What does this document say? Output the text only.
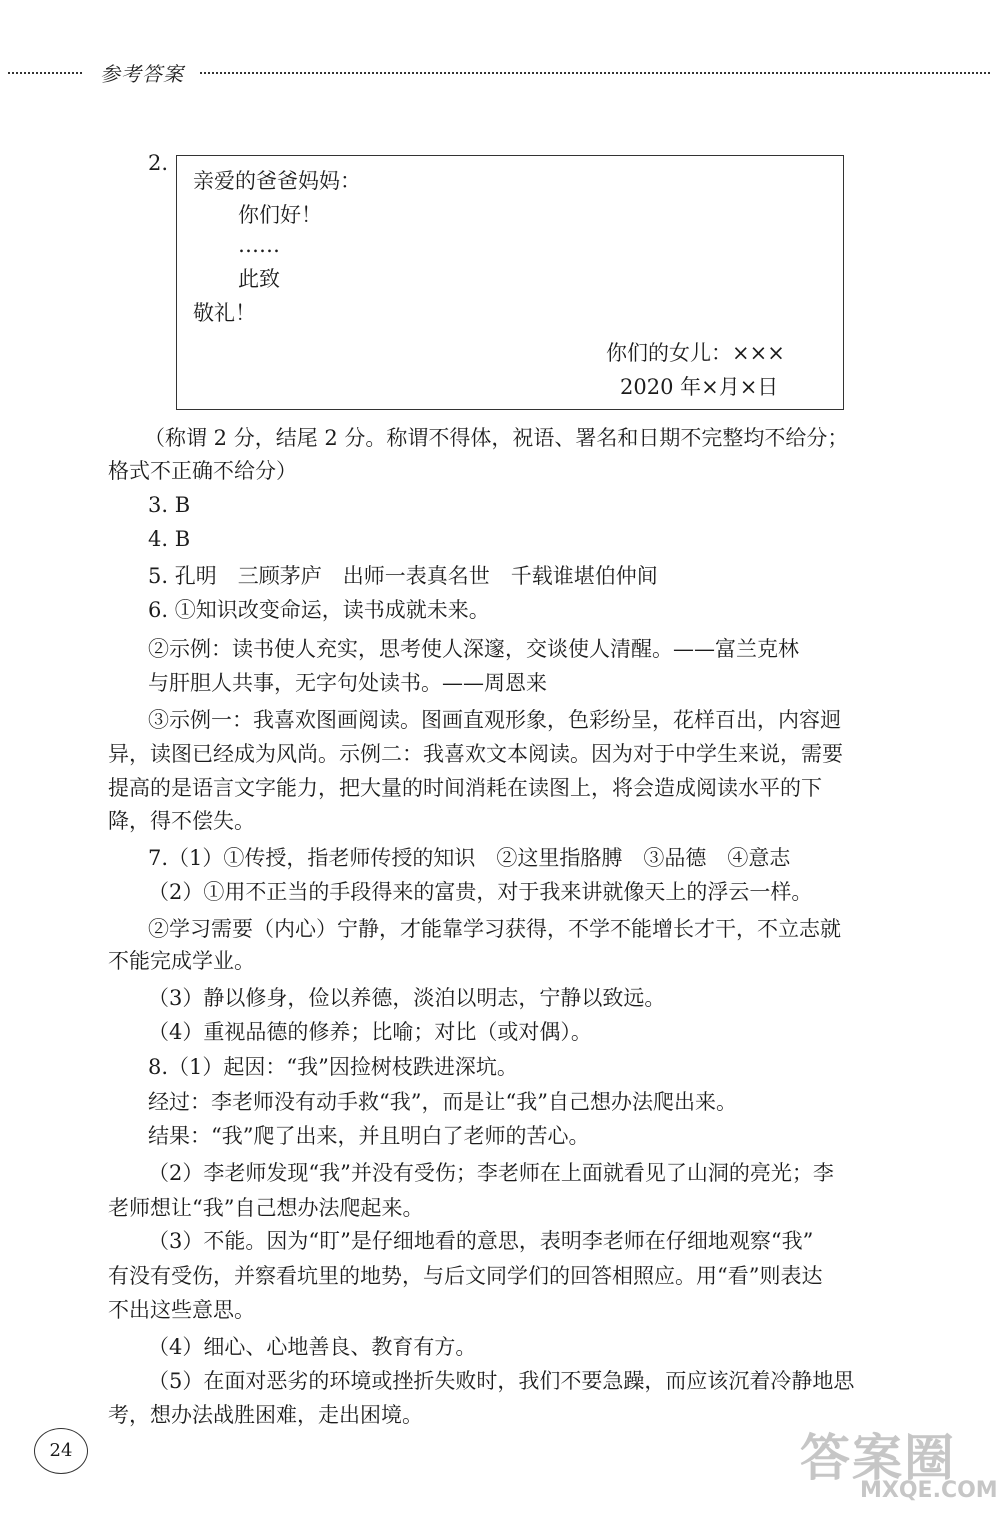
参考答案
2.
亲爱的爸爸妈妈：
你们好！
……
此致
敬礼！
你们的女儿：×××
2020 年×月×日
（称谓 2 分，结尾 2 分。称谓不得体，祝语、署名和日期不完整均不给分；
格式不正确不给分）
3. B
4. B
5. 孔明　三顾茅庐　出师一表真名世　千载谁堪伯仲间
6. ①知识改变命运，读书成就未来。
②示例：读书使人充实，思考使人深邃，交谈使人清醒。——富兰克林
与肝胆人共事，无字句处读书。——周恩来
③示例一：我喜欢图画阅读。图画直观形象，色彩纷呈，花样百出，内容迥
异，读图已经成为风尚。示例二：我喜欢文本阅读。因为对于中学生来说，需要
提高的是语言文字能力，把大量的时间消耗在读图上，将会造成阅读水平的下
降，得不偿失。
7.（1）①传授，指老师传授的知识　②这里指胳膊　③品德　④意志
（2）①用不正当的手段得来的富贵，对于我来讲就像天上的浮云一样。
②学习需要（内心）宁静，才能靠学习获得，不学不能增长才干，不立志就
不能完成学业。
（3）静以修身，俭以养德，淡泊以明志，宁静以致远。
（4）重视品德的修养；比喻；对比（或对偶）。
8.（1）起因：“我”因捡树枝跌进深坑。
经过：李老师没有动手救“我”，而是让“我”自己想办法爬出来。
结果：“我”爬了出来，并且明白了老师的苦心。
（2）李老师发现“我”并没有受伤；李老师在上面就看见了山洞的亮光；李
老师想让“我”自己想办法爬起来。
（3）不能。因为“盯”是仔细地看的意思，表明李老师在仔细地观察“我”
有没有受伤，并察看坑里的地势，与后文同学们的回答相照应。用“看”则表达
不出这些意思。
（4）细心、心地善良、教育有方。
（5）在面对恶劣的环境或挫折失败时，我们不要急躁，而应该沉着冷静地思
考，想办法战胜困难，走出困境。
24	答案圈
MXQE.COM
